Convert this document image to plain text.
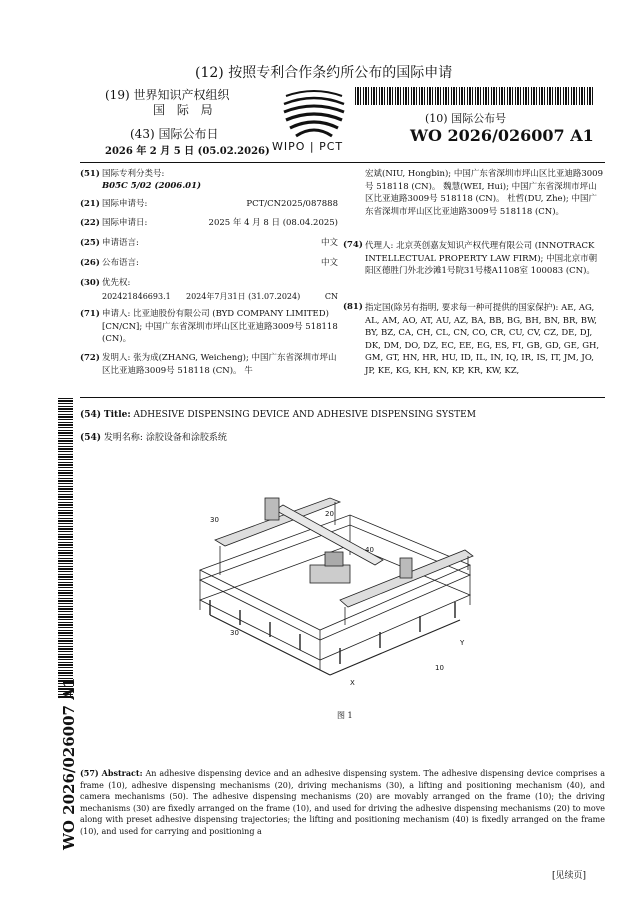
(12) 按照专利合作条约所公布的国际申请
(19) 世界知识产权组织
国 际 局
(43) 国际公布日
2026 年 2 月 5 日 (05.02.2026)
(10) 国际公布号
WO 2026/026007 A1
WIPO | PCT
(51) 国际专利分类号:
B05C 5/02 (2006.01)
(21) 国际申请号:	PCT/CN2025/087888
(22) 国际申请日:	2025 年 4 月 8 日 (08.04.2025)
(25) 申请语言:	中文
(26) 公布语言:	中文
(30) 优先权:
202421846693.1 2024年7月31日 (31.07.2024)	CN
(71) 申请人: 比亚迪股份有限公司 (BYD COMPANY LIMITED) [CN/CN]; 中国广东省深圳市坪山区比亚迪路3009号 518118 (CN)。
(72) 发明人: 张为成(ZHANG, Weicheng); 中国广东省深圳市坪山区比亚迪路3009号 518118 (CN)。 牛
宏斌(NIU, Hongbin); 中国广东省深圳市坪山区比亚迪路3009号 518118 (CN)。 魏慧(WEI, Hui); 中国广东省深圳市坪山区比亚迪路3009号 518118 (CN)。 杜哲(DU, Zhe); 中国广东省深圳市坪山区比亚迪路3009号 518118 (CN)。
(74) 代理人: 北京英创嘉友知识产权代理有限公司 (INNOTRACK INTELLECTUAL PROPERTY LAW FIRM); 中国北京市朝阳区德胜门外北沙滩1号院31号楼A1108室 100083 (CN)。
(81) 指定国(除另有指明, 要求每一种可提供的国家保护): AE, AG, AL, AM, AO, AT, AU, AZ, BA, BB, BG, BH, BN, BR, BW, BY, BZ, CA, CH, CL, CN, CO, CR, CU, CV, CZ, DE, DJ, DK, DM, DO, DZ, EC, EE, EG, ES, FI, GB, GD, GE, GH, GM, GT, HN, HR, HU, ID, IL, IN, IQ, IR, IS, IT, JM, JO, JP, KE, KG, KH, KN, KP, KR, KW, KZ,
WO 2026/026007 A1
(54) Title: ADHESIVE DISPENSING DEVICE AND ADHESIVE DISPENSING SYSTEM
(54) 发明名称: 涂胶设备和涂胶系统
30
20
40
30
10
X
Y
图 1
(57) Abstract: An adhesive dispensing device and an adhesive dispensing system. The adhesive dispensing device comprises a frame (10), adhesive dispensing mechanisms (20), driving mechanisms (30), a lifting and positioning mechanism (40), and camera mechanisms (50). The adhesive dispensing mechanisms (20) are movably arranged on the frame (10); the driving mechanisms (30) are fixedly arranged on the frame (10), and used for driving the adhesive dispensing mechanisms (20) to move along with preset adhesive dispensing trajectories; the lifting and positioning mechanism (40) is fixedly arranged on the frame (10), and used for carrying and positioning a
[见续页]
